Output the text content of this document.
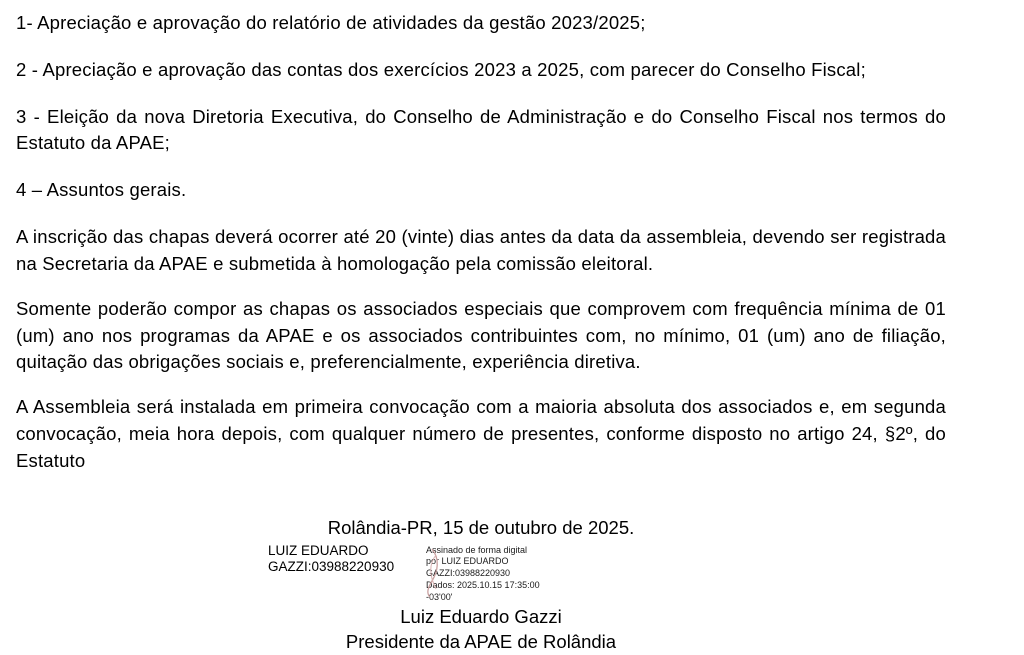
1- Apreciação e aprovação do relatório de atividades da gestão 2023/2025;

2 - Apreciação e aprovação das contas dos exercícios 2023 a 2025, com parecer do Conselho Fiscal;

3 - Eleição da nova Diretoria Executiva, do Conselho de Administração e do Conselho Fiscal nos termos do Estatuto da APAE;

4 – Assuntos gerais.

A inscrição das chapas deverá ocorrer até 20 (vinte) dias antes da data da assembleia, devendo ser registrada na Secretaria da APAE e submetida à homologação pela comissão eleitoral.

Somente poderão compor as chapas os associados especiais que comprovem com frequência mínima de 01 (um) ano nos programas da APAE e os associados contribuintes com, no mínimo, 01 (um) ano de filiação, quitação das obrigações sociais e, preferencialmente, experiência diretiva.

A Assembleia será instalada em primeira convocação com a maioria absoluta dos associados e, em segunda convocação, meia hora depois, com qualquer número de presentes, conforme disposto no artigo 24, §2º, do Estatuto

Rolândia-PR, 15 de outubro de 2025.

LUIZ EDUARDO GAZZI:03988220930
Assinado de forma digital
por LUIZ EDUARDO
GAZZI:03988220930
Dados: 2025.10.15 17:35:00
-03'00'

Luiz Eduardo Gazzi

Presidente da APAE de Rolândia
